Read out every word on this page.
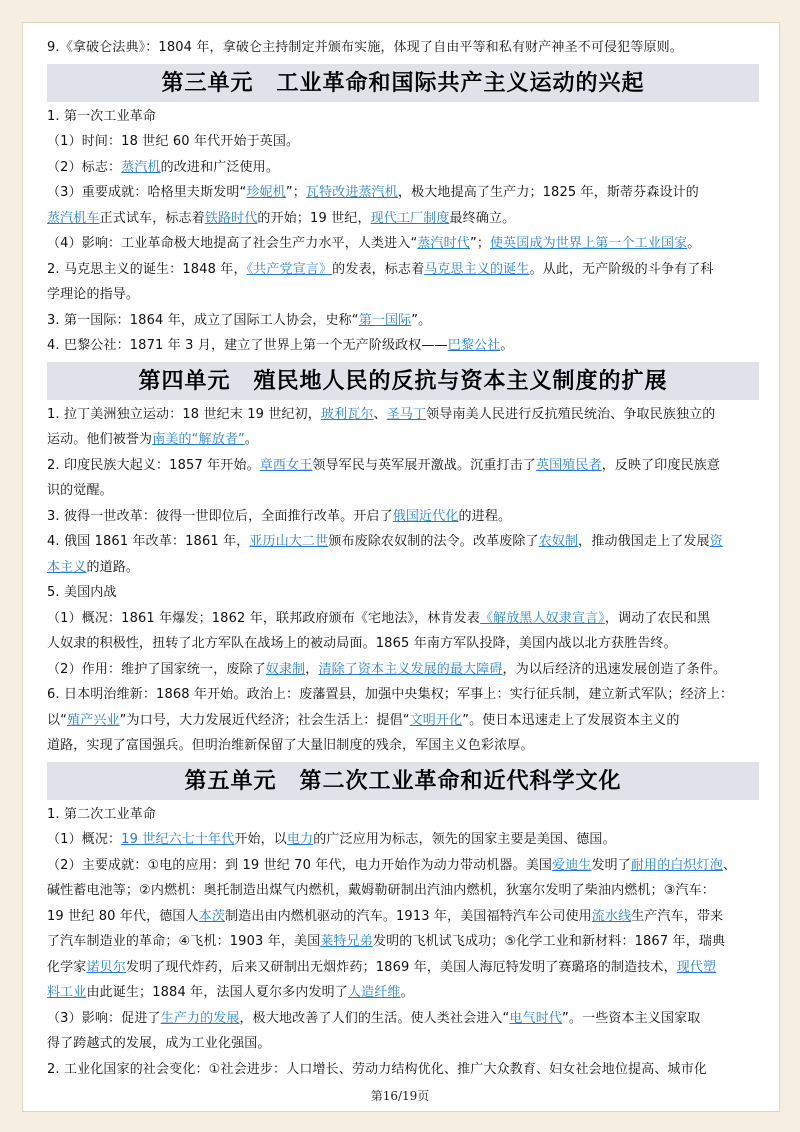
9.《拿破仑法典》：1804 年，拿破仑主持制定并颁布实施，体现了自由平等和私有财产神圣不可侵犯等原则。
第三单元　工业革命和国际共产主义运动的兴起
1. 第一次工业革命
（1）时间：18 世纪 60 年代开始于英国。
（2）标志：蒸汽机的改进和广泛使用。
（3）重要成就：哈格里夫斯发明“珍妮机”；瓦特改进蒸汽机，极大地提高了生产力；1825 年，斯蒂芬森设计的
蒸汽机车正式试车，标志着铁路时代的开始；19 世纪，现代工厂制度最终确立。
（4）影响：工业革命极大地提高了社会生产力水平，人类进入“蒸汽时代”；使英国成为世界上第一个工业国家。
2. 马克思主义的诞生：1848 年，《共产党宣言》的发表，标志着马克思主义的诞生。从此，无产阶级的斗争有了科
学理论的指导。
3. 第一国际：1864 年，成立了国际工人协会，史称“第一国际”。
4. 巴黎公社：1871 年 3 月，建立了世界上第一个无产阶级政权——巴黎公社。
第四单元　殖民地人民的反抗与资本主义制度的扩展
1. 拉丁美洲独立运动：18 世纪末 19 世纪初，玻利瓦尔、圣马丁领导南美人民进行反抗殖民统治、争取民族独立的
运动。他们被誉为南美的“解放者”。
2. 印度民族大起义：1857 年开始。章西女王领导军民与英军展开激战。沉重打击了英国殖民者，反映了印度民族意
识的觉醒。
3. 彼得一世改革：彼得一世即位后，全面推行改革。开启了俄国近代化的进程。
4. 俄国 1861 年改革：1861 年，亚历山大二世颁布废除农奴制的法令。改革废除了农奴制，推动俄国走上了发展资
本主义的道路。
5. 美国内战
（1）概况：1861 年爆发；1862 年，联邦政府颁布《宅地法》，林肯发表《解放黑人奴隶宣言》，调动了农民和黑
人奴隶的积极性，扭转了北方军队在战场上的被动局面。1865 年南方军队投降，美国内战以北方获胜告终。
（2）作用：维护了国家统一，废除了奴隶制，清除了资本主义发展的最大障碍，为以后经济的迅速发展创造了条件。
6. 日本明治维新：1868 年开始。政治上：废藩置县，加强中央集权；军事上：实行征兵制，建立新式军队；经济上：
以“殖产兴业”为口号，大力发展近代经济；社会生活上：提倡“文明开化”。使日本迅速走上了发展资本主义的
道路，实现了富国强兵。但明治维新保留了大量旧制度的残余，军国主义色彩浓厚。
第五单元　第二次工业革命和近代科学文化
1. 第二次工业革命
（1）概况：19 世纪六七十年代开始，以电力的广泛应用为标志，领先的国家主要是美国、德国。
（2）主要成就：①电的应用：到 19 世纪 70 年代，电力开始作为动力带动机器。美国爱迪生发明了耐用的白炽灯泡、
碱性蓄电池等；②内燃机：奥托制造出煤气内燃机，戴姆勒研制出汽油内燃机，狄塞尔发明了柴油内燃机；③汽车：
19 世纪 80 年代，德国人本茨制造出由内燃机驱动的汽车。1913 年，美国福特汽车公司使用流水线生产汽车，带来
了汽车制造业的革命；④飞机：1903 年，美国莱特兄弟发明的飞机试飞成功；⑤化学工业和新材料：1867 年，瑞典
化学家诺贝尔发明了现代炸药，后来又研制出无烟炸药；1869 年，美国人海厄特发明了赛璐珞的制造技术，现代塑
料工业由此诞生；1884 年，法国人夏尔多内发明了人造纤维。
（3）影响：促进了生产力的发展，极大地改善了人们的生活。使人类社会进入“电气时代”。一些资本主义国家取
得了跨越式的发展，成为工业化强国。
2. 工业化国家的社会变化：①社会进步：人口增长、劳动力结构优化、推广大众教育、妇女社会地位提高、城市化
第16/19页
